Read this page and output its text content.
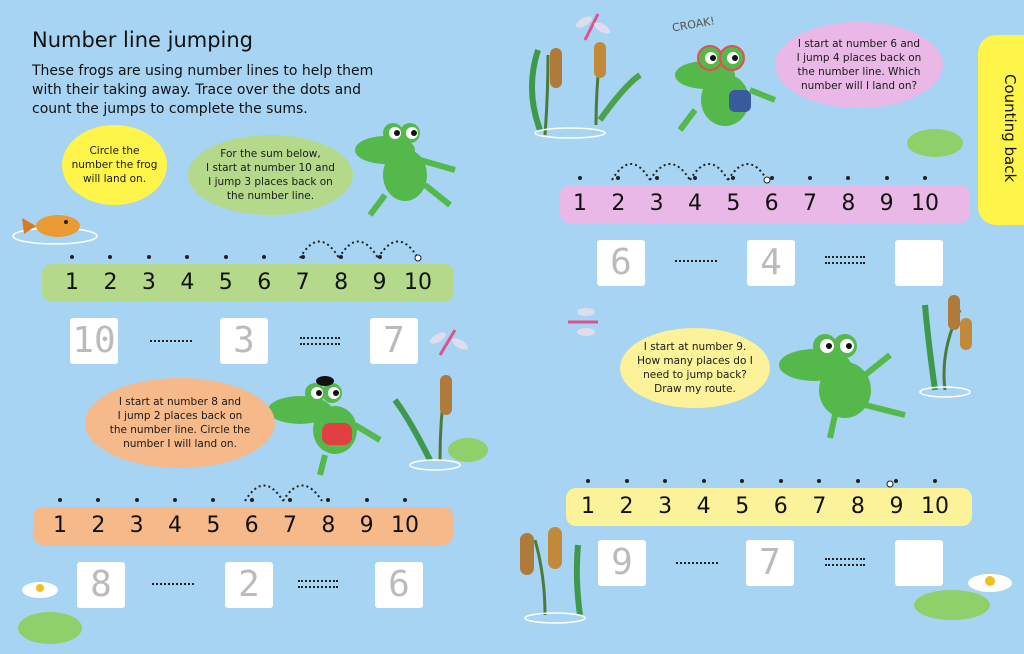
Number line jumping
These frogs are using number lines to help them with their taking away. Trace over the dots and count the jumps to complete the sums.	Counting back
CROAK!
Circle the
number the frog
will land on.
For the sum below,
I start at number 10 and
I jump 3 places back on
the number line.
I start at number 8 and
I jump 2 places back on
the number line. Circle the
number I will land on.
I start at number 6 and
I jump 4 places back on
the number line. Which
number will I land on?
I start at number 9.
How many places do I
need to jump back?
Draw my route.
1	2	3	4	5	6	7	8	9 10
1	2	3	4	5	6	7	8	9 10
1	2	3	4	5	6	7	8	9 10
1	2	3	4	5	6	7	8	9 10
10	3	7
8	2	6
6	4
9	7
